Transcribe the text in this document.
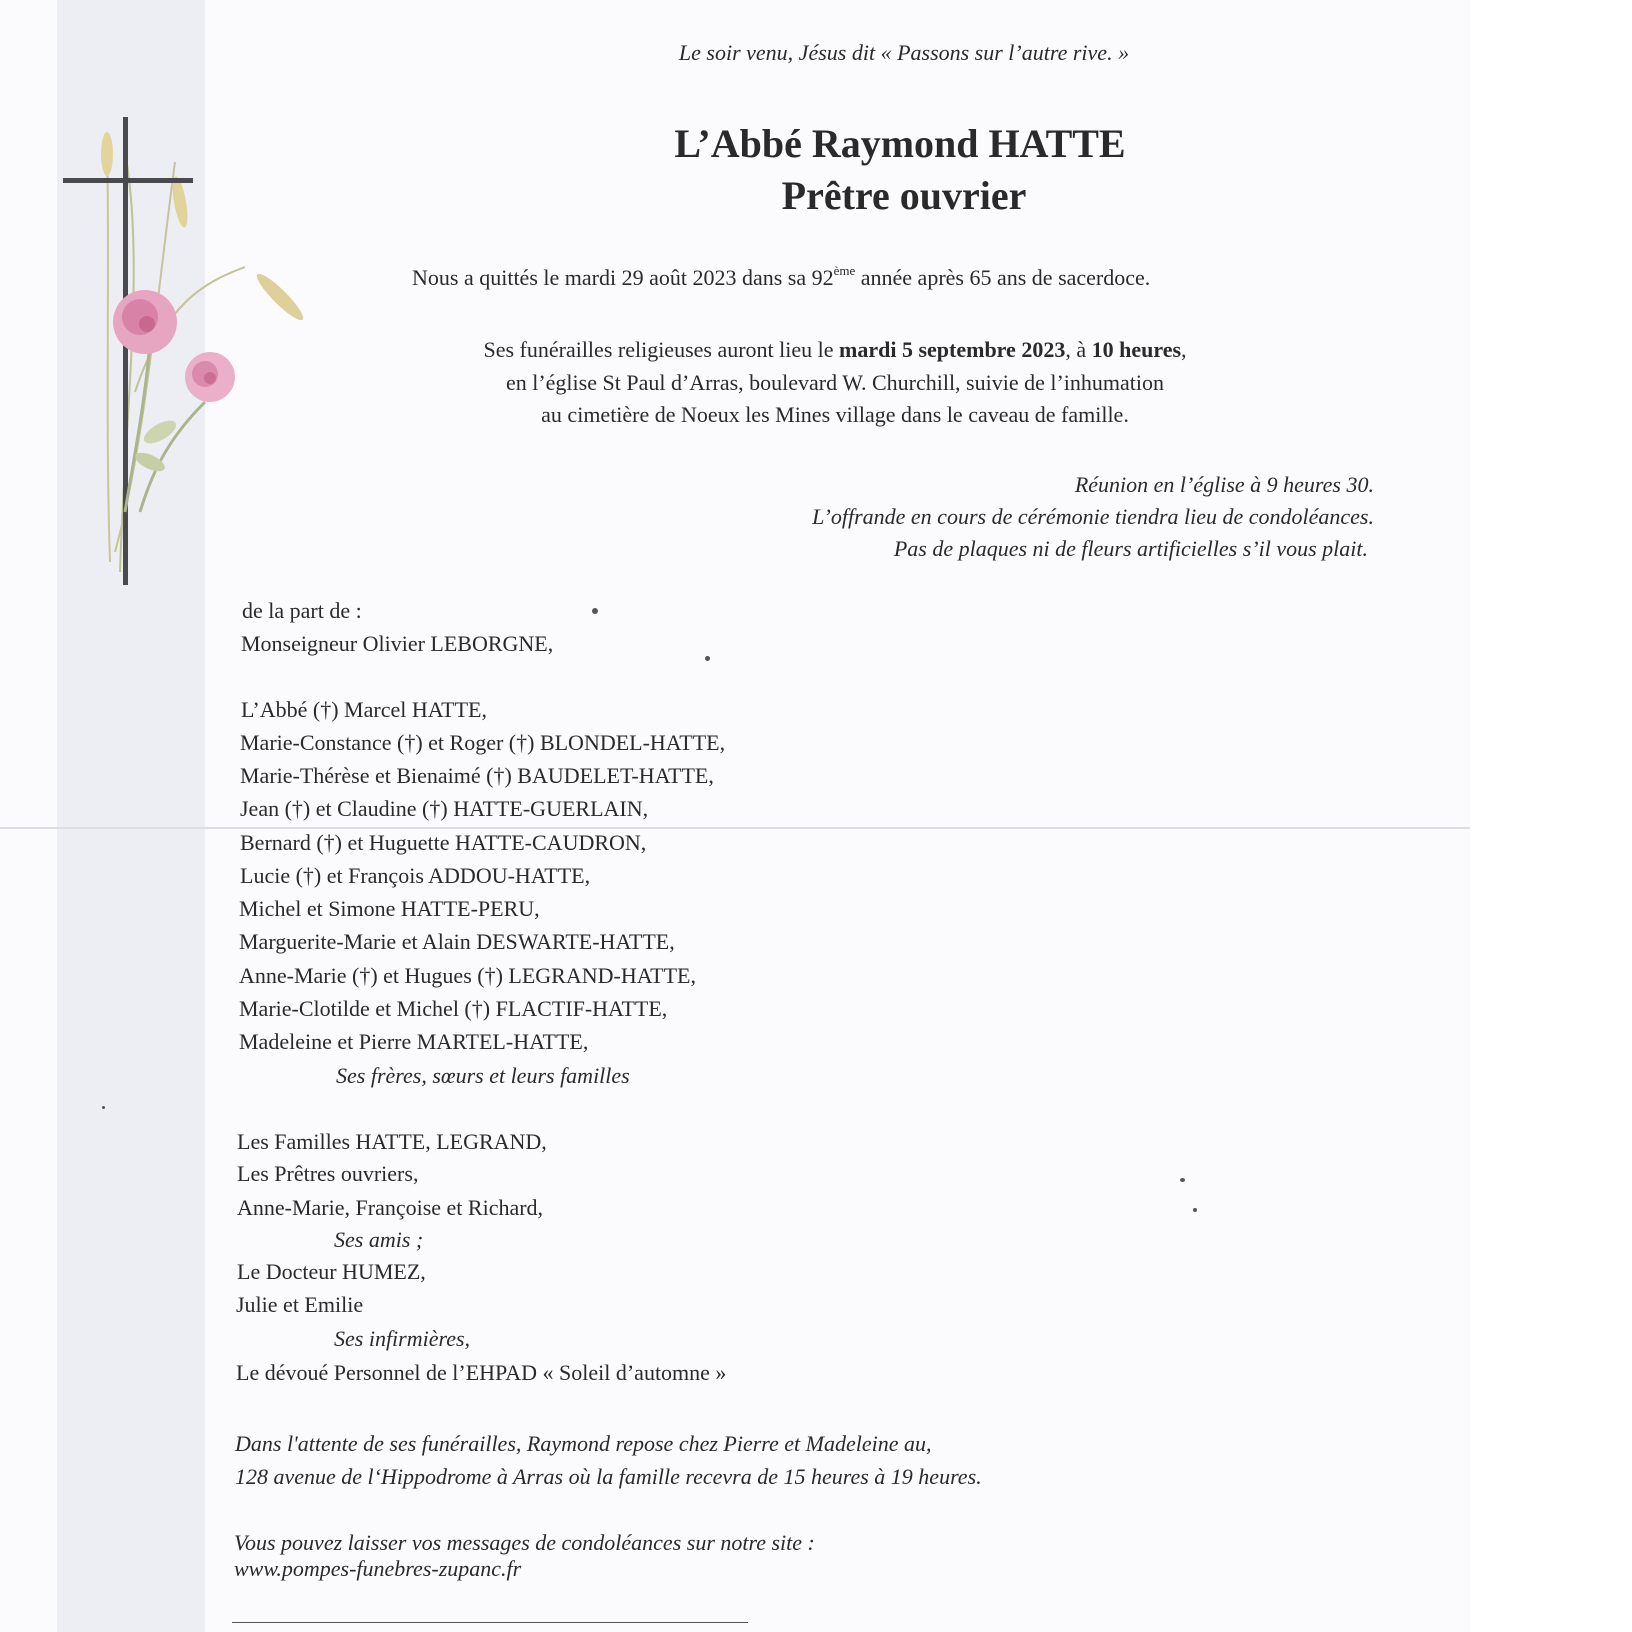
Le soir venu, Jésus dit « Passons sur l’autre rive. »
L’Abbé Raymond HATTE
Prêtre ouvrier
Nous a quittés le mardi 29 août 2023 dans sa 92ème année après 65 ans de sacerdoce.
Ses funérailles religieuses auront lieu le mardi 5 septembre 2023, à 10 heures,
en l’église St Paul d’Arras, boulevard W. Churchill, suivie de l’inhumation
au cimetière de Noeux les Mines village dans le caveau de famille.
Réunion en l’église à 9 heures 30.
L’offrande en cours de cérémonie tiendra lieu de condoléances.
Pas de plaques ni de fleurs artificielles s’il vous plait.
de la part de :
Monseigneur Olivier LEBORGNE,
L’Abbé (†) Marcel HATTE,
Marie-Constance (†) et Roger (†) BLONDEL-HATTE,
Marie-Thérèse et Bienaimé (†) BAUDELET-HATTE,
Jean (†) et Claudine (†) HATTE-GUERLAIN,
Bernard (†) et Huguette HATTE-CAUDRON,
Lucie (†) et François ADDOU-HATTE,
Michel et Simone HATTE-PERU,
Marguerite-Marie et Alain DESWARTE-HATTE,
Anne-Marie (†) et Hugues (†) LEGRAND-HATTE,
Marie-Clotilde et Michel (†) FLACTIF-HATTE,
Madeleine et Pierre MARTEL-HATTE,
Ses frères, sœurs et leurs familles
Les Familles HATTE, LEGRAND,
Les Prêtres ouvriers,
Anne-Marie, Françoise et Richard,
Ses amis ;
Le Docteur HUMEZ,
Julie et Emilie
Ses infirmières,
Le dévoué Personnel de l’EHPAD « Soleil d’automne »
Dans l'attente de ses funérailles, Raymond repose chez Pierre et Madeleine au,
128 avenue de l‘Hippodrome à Arras où la famille recevra de 15 heures à 19 heures.
Vous pouvez laisser vos messages de condoléances sur notre site :
www.pompes-funebres-zupanc.fr
